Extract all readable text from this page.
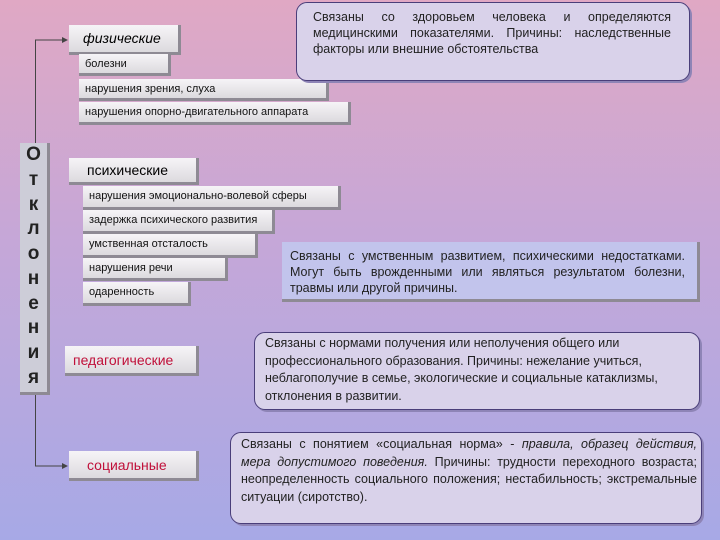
О
т
к
л
о
н
е
н
и
я
физические
болезни
нарушения зрения, слуха
нарушения опорно-двигательного аппарата
Связаны со здоровьем человека и определяются медицинскими показателями. Причины: наследственные факторы или внешние обстоятельства
психические
нарушения эмоционально-волевой сферы
задержка психического развития
умственная отсталость
нарушения речи
одаренность
Связаны с умственным развитием, психическими недостатками. Могут быть врожденными или являться результатом болезни, травмы или другой причины.
педагогические
Связаны с нормами получения или неполучения общего или профессионального образования. Причины: нежелание учиться, неблагополучие в семье, экологические и социальные катаклизмы, отклонения в развитии.
социальные
Связаны с понятием «социальная норма» - правила, образец действия, мера допустимого поведения. Причины: трудности переходного возраста; неопределенность социального положения; нестабильность; экстремальные ситуации (сиротство).
